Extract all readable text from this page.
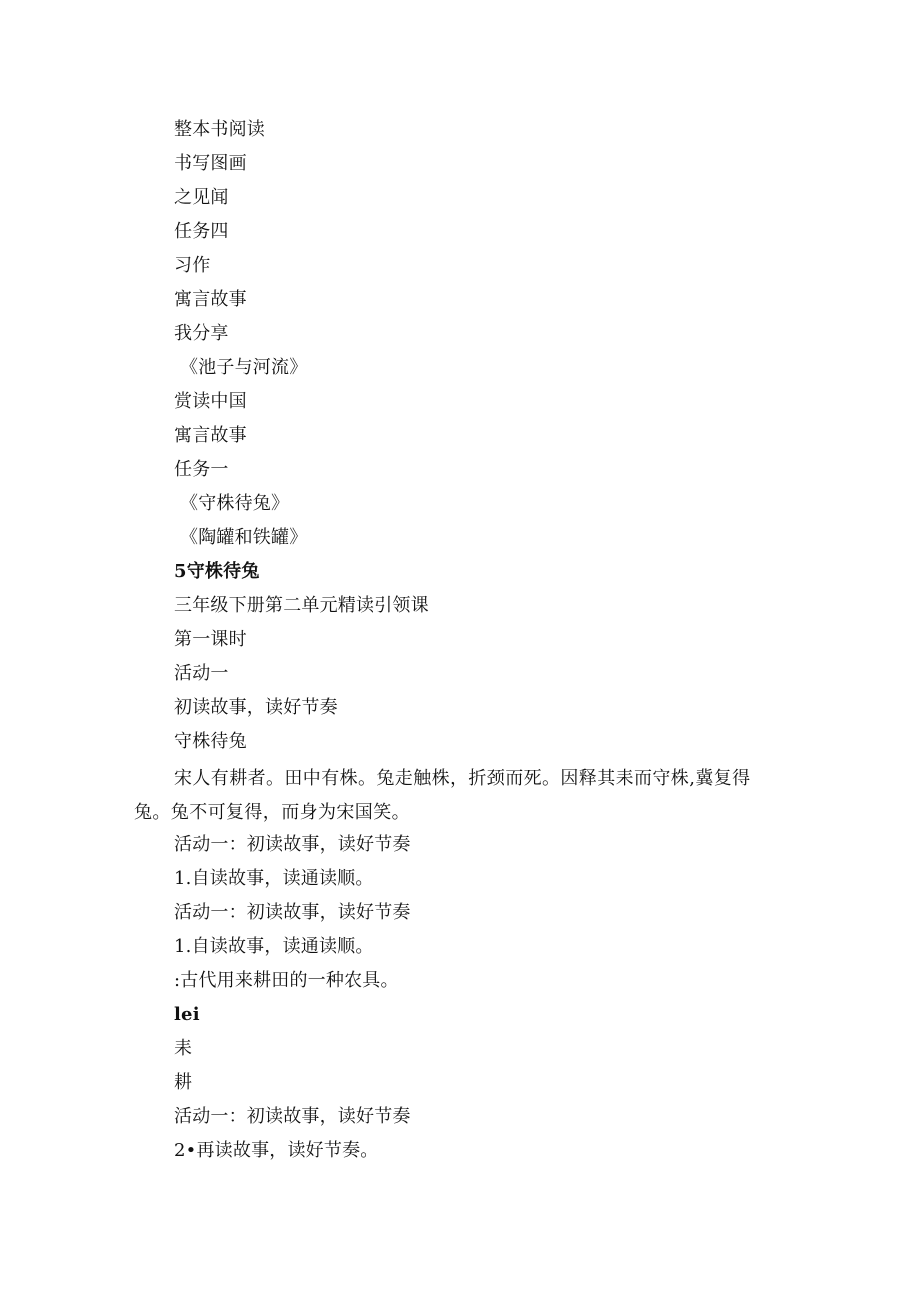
整本书阅读
书写图画
之见闻
任务四
习作
寓言故事
我分享
《池子与河流》
赏读中国
寓言故事
任务一
《守株待兔》
《陶罐和铁罐》
5守株待兔
三年级下册第二单元精读引领课
第一课时
活动一
初读故事，读好节奏
守株待兔
宋人有耕者。田中有株。兔走触株，折颈而死。因释其耒而守株,冀复得兔。兔不可复得，而身为宋国笑。
活动一：初读故事，读好节奏
1.自读故事，读通读顺。
活动一：初读故事，读好节奏
1.自读故事，读通读顺。
:古代用来耕田的一种农具。
lei
耒
耕
活动一：初读故事，读好节奏
2•再读故事，读好节奏。
